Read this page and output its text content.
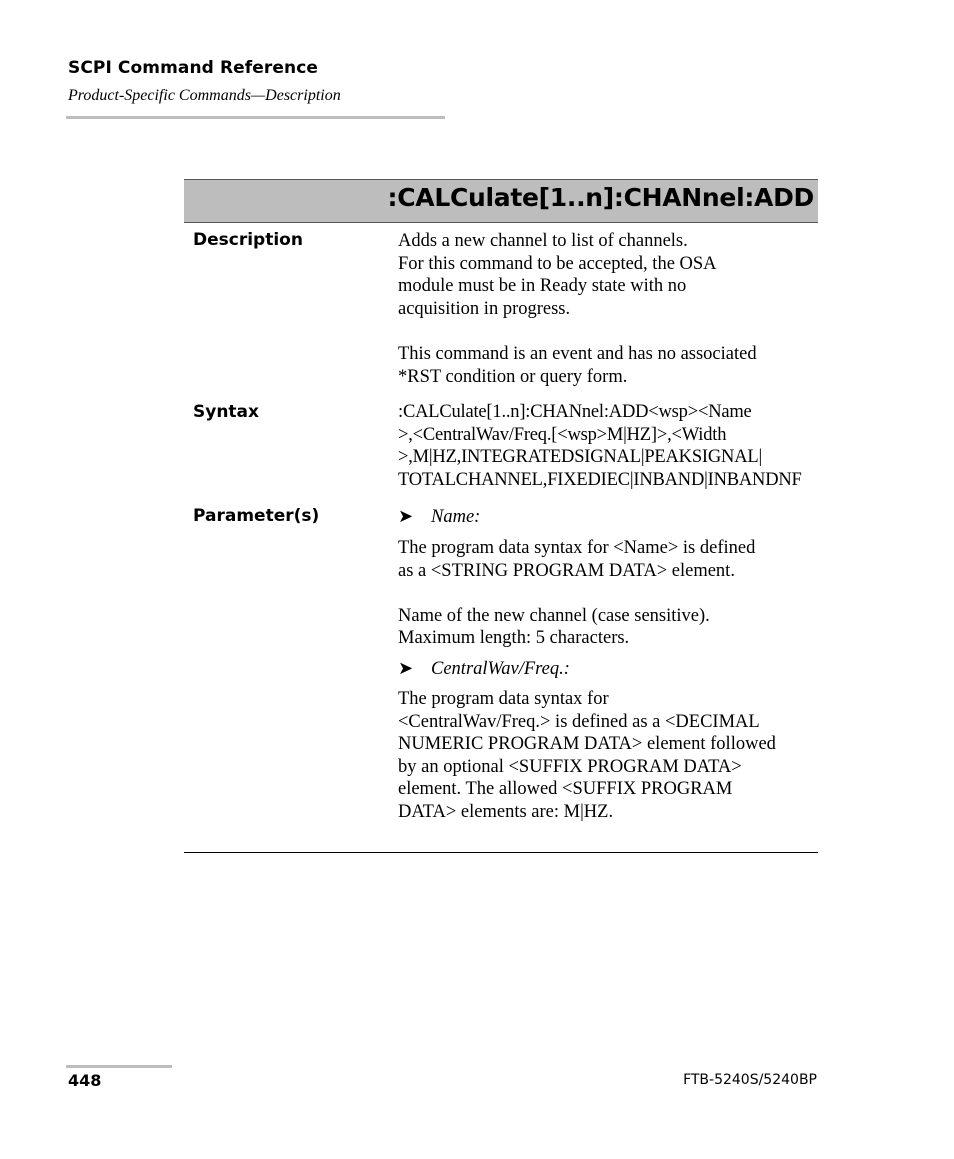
SCPI Command Reference
Product-Specific Commands—Description
:CALCulate[1..n]:CHANnel:ADD
Description	Adds a new channel to list of channels.
For this command to be accepted, the OSA
module must be in Ready state with no
acquisition in progress.

This command is an event and has no associated
*RST condition or query form.
Syntax	:CALCulate[1..n]:CHANnel:ADD<wsp><Name
>,<CentralWav/Freq.[<wsp>M|HZ]>,<Width
>,M|HZ,INTEGRATEDSIGNAL|PEAKSIGNAL|
TOTALCHANNEL,FIXEDIEC|INBAND|INBANDNF
Parameter(s)	➤ Name:
The program data syntax for <Name> is defined
as a <STRING PROGRAM DATA> element.

Name of the new channel (case sensitive).
Maximum length: 5 characters.
➤ CentralWav/Freq.:
The program data syntax for
<CentralWav/Freq.> is defined as a <DECIMAL
NUMERIC PROGRAM DATA> element followed
by an optional <SUFFIX PROGRAM DATA>
element. The allowed <SUFFIX PROGRAM
DATA> elements are: M|HZ.
448	FTB-5240S/5240BP
